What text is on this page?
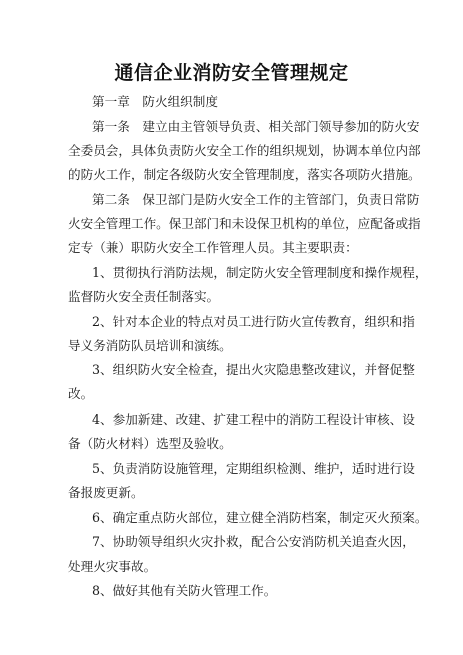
通信企业消防安全管理规定
第一章　防火组织制度
第一条　建立由主管领导负责、相关部门领导参加的防火安
全委员会，具体负责防火安全工作的组织规划，协调本单位内部
的防火工作，制定各级防火安全管理制度，落实各项防火措施。
第二条　保卫部门是防火安全工作的主管部门，负责日常防
火安全管理工作。保卫部门和未设保卫机构的单位，应配备或指
定专（兼）职防火安全工作管理人员。其主要职责：
1、贯彻执行消防法规，制定防火安全管理制度和操作规程，
监督防火安全责任制落实。
2、针对本企业的特点对员工进行防火宣传教育，组织和指
导义务消防队员培训和演练。
3、组织防火安全检查，提出火灾隐患整改建议，并督促整
改。
4、参加新建、改建、扩建工程中的消防工程设计审核、设
备（防火材料）选型及验收。
5、负责消防设施管理，定期组织检测、维护，适时进行设
备报废更新。
6、确定重点防火部位，建立健全消防档案，制定灭火预案。
7、协助领导组织火灾扑救，配合公安消防机关追查火因，
处理火灾事故。
8、做好其他有关防火管理工作。
